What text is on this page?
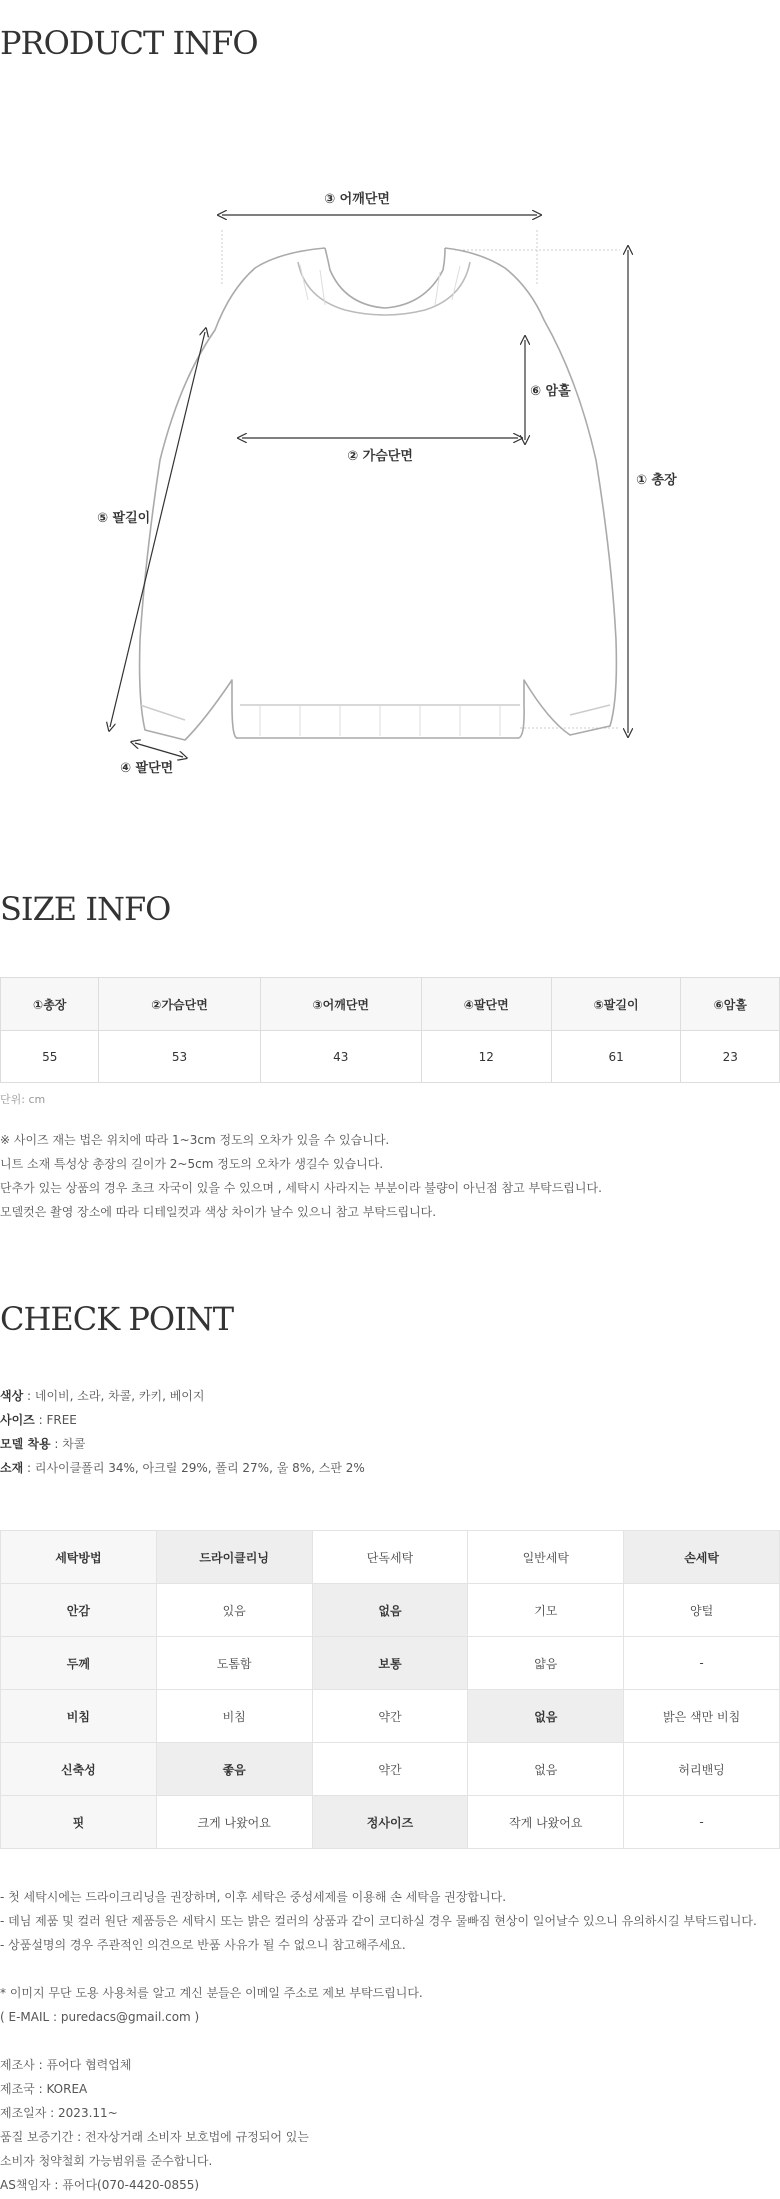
PRODUCT INFO
SIZE INFO
CHECK POINT
③ 어깨단면
⑥ 암홀
② 가슴단면
① 총장
⑤ 팔길이
④ 팔단면
①총장	②가슴단면	③어깨단면	④팔단면	⑤팔길이	⑥암홀
55	53	43	12	61	23
단위: cm
※ 사이즈 재는 법은 위치에 따라 1~3cm 정도의 오차가 있을 수 있습니다.
니트 소재 특성상 총장의 길이가 2~5cm 정도의 오차가 생길수 있습니다.
단추가 있는 상품의 경우 초크 자국이 있을 수 있으며 , 세탁시 사라지는 부분이라 불량이 아닌점 참고 부탁드립니다.
모델컷은 촬영 장소에 따라 디테일컷과 색상 차이가 날수 있으니 참고 부탁드립니다.
색상 : 네이비, 소라, 차콜, 카키, 베이지
사이즈 : FREE
모델 착용 : 차콜
소재 : 리사이클폴리 34%, 아크릴 29%, 폴리 27%, 울 8%, 스판 2%
세탁방법	드라이클리닝	단독세탁	일반세탁	손세탁
안감	있음	없음	기모	양털
두께	도톰함	보통	얇음	-
비침	비침	약간	없음	밝은 색만 비침
신축성	좋음	약간	없음	허리밴딩
핏	크게 나왔어요	정사이즈	작게 나왔어요	-
- 첫 세탁시에는 드라이크리닝을 권장하며, 이후 세탁은 중성세제를 이용해 손 세탁을 권장합니다.
- 데님 제품 및 컬러 원단 제품등은 세탁시 또는 밝은 컬러의 상품과 같이 코디하실 경우 물빠짐 현상이 일어날수 있으니 유의하시길 부탁드립니다.
- 상품설명의 경우 주관적인 의견으로 반품 사유가 될 수 없으니 참고해주세요.
* 이미지 무단 도용 사용처를 알고 계신 분들은 이메일 주소로 제보 부탁드립니다.
( E-MAIL : puredacs@gmail.com )
제조사 : 퓨어다 협력업체
제조국 : KOREA
제조일자 : 2023.11~
품질 보증기간 : 전자상거래 소비자 보호법에 규정되어 있는
소비자 청약철회 가능범위를 준수합니다.
AS책임자 : 퓨어다(070-4420-0855)
